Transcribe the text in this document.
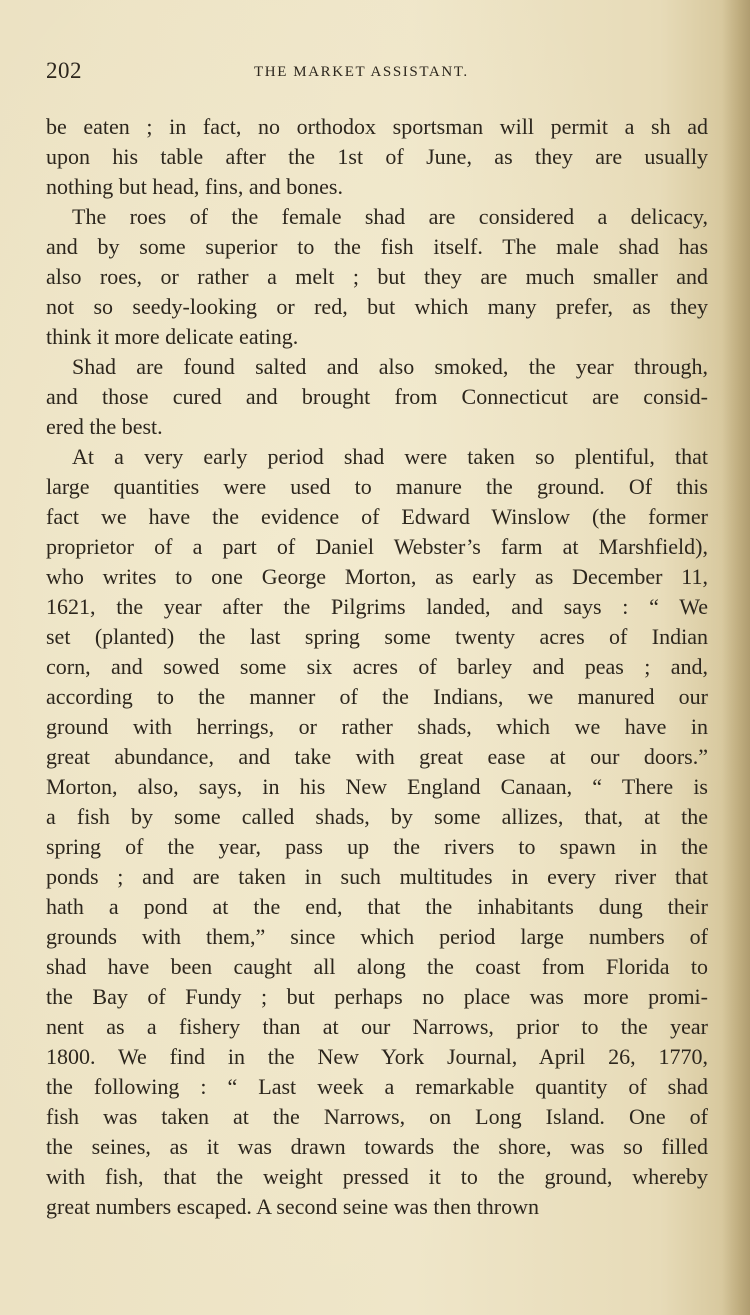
202	THE MARKET ASSISTANT.
be eaten ; in fact, no orthodox sportsman will permit a sh ad
upon his table after the 1st of June, as they are usually
nothing but head, fins, and bones.
The roes of the female shad are considered a delicacy,
and by some superior to the fish itself. The male shad has
also roes, or rather a melt ; but they are much smaller and
not so seedy-looking or red, but which many prefer, as they
think it more delicate eating.
Shad are found salted and also smoked, the year through,
and those cured and brought from Connecticut are consid-
ered the best.
At a very early period shad were taken so plentiful, that
large quantities were used to manure the ground. Of this
fact we have the evidence of Edward Winslow (the former
proprietor of a part of Daniel Webster’s farm at Marshfield),
who writes to one George Morton, as early as December 11,
1621, the year after the Pilgrims landed, and says : “ We
set (planted) the last spring some twenty acres of Indian
corn, and sowed some six acres of barley and peas ; and,
according to the manner of the Indians, we manured our
ground with herrings, or rather shads, which we have in
great abundance, and take with great ease at our doors.”
Morton, also, says, in his New England Canaan, “ There is
a fish by some called shads, by some allizes, that, at the
spring of the year, pass up the rivers to spawn in the
ponds ; and are taken in such multitudes in every river that
hath a pond at the end, that the inhabitants dung their
grounds with them,” since which period large numbers of
shad have been caught all along the coast from Florida to
the Bay of Fundy ; but perhaps no place was more promi-
nent as a fishery than at our Narrows, prior to the year
1800. We find in the New York Journal, April 26, 1770,
the following : “ Last week a remarkable quantity of shad
fish was taken at the Narrows, on Long Island. One of
the seines, as it was drawn towards the shore, was so filled
with fish, that the weight pressed it to the ground, whereby
great numbers escaped. A second seine was then thrown
